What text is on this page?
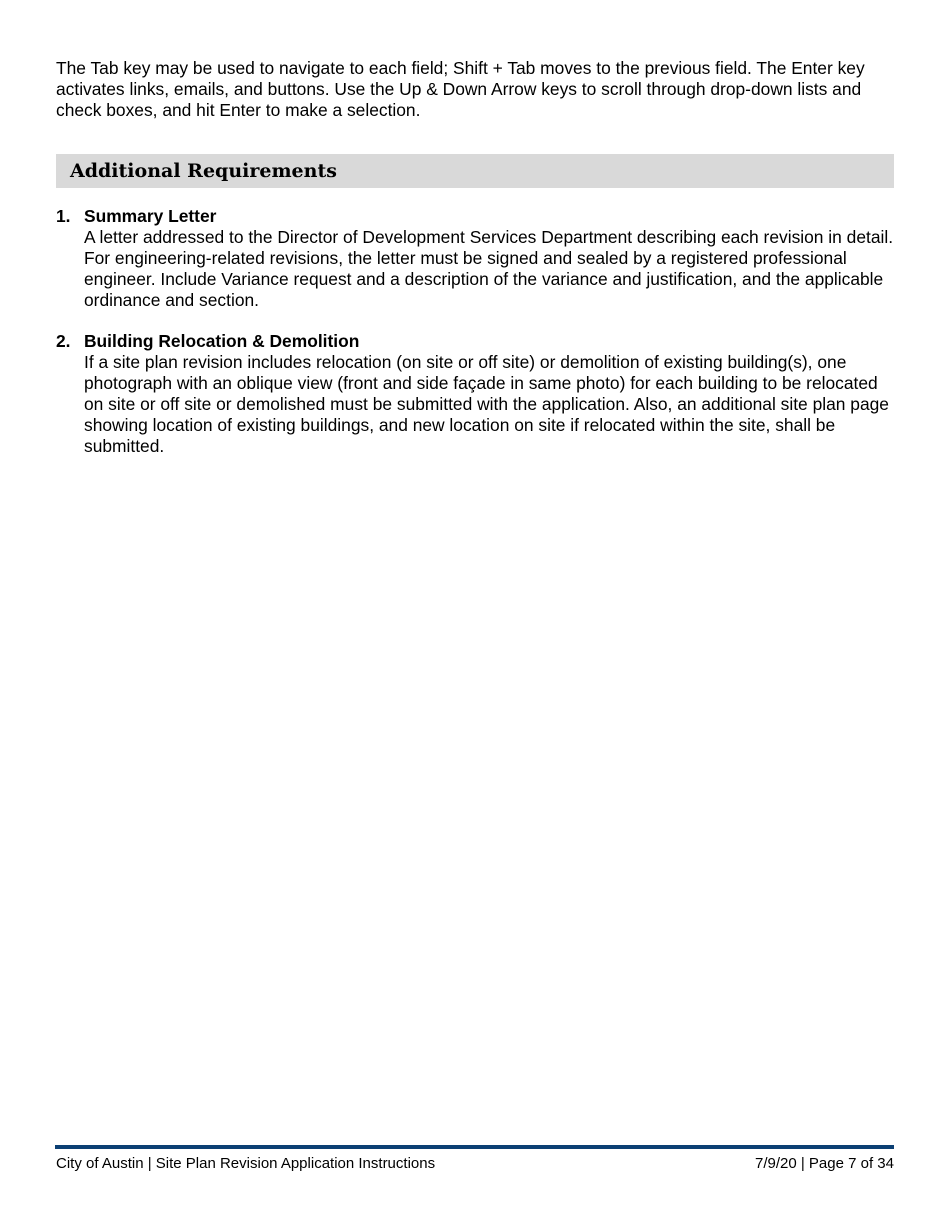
The Tab key may be used to navigate to each field; Shift + Tab moves to the previous field. The Enter key activates links, emails, and buttons. Use the Up & Down Arrow keys to scroll through drop-down lists and check boxes, and hit Enter to make a selection.

Additional Requirements
1. Summary Letter
A letter addressed to the Director of Development Services Department describing each revision in detail. For engineering-related revisions, the letter must be signed and sealed by a registered professional engineer. Include Variance request and a description of the variance and justification, and the applicable ordinance and section.
2. Building Relocation & Demolition
If a site plan revision includes relocation (on site or off site) or demolition of existing building(s), one photograph with an oblique view (front and side façade in same photo) for each building to be relocated on site or off site or demolished must be submitted with the application. Also, an additional site plan page showing location of existing buildings, and new location on site if relocated within the site, shall be submitted.
City of Austin | Site Plan Revision Application Instructions	7/9/20 | Page 7 of 34
